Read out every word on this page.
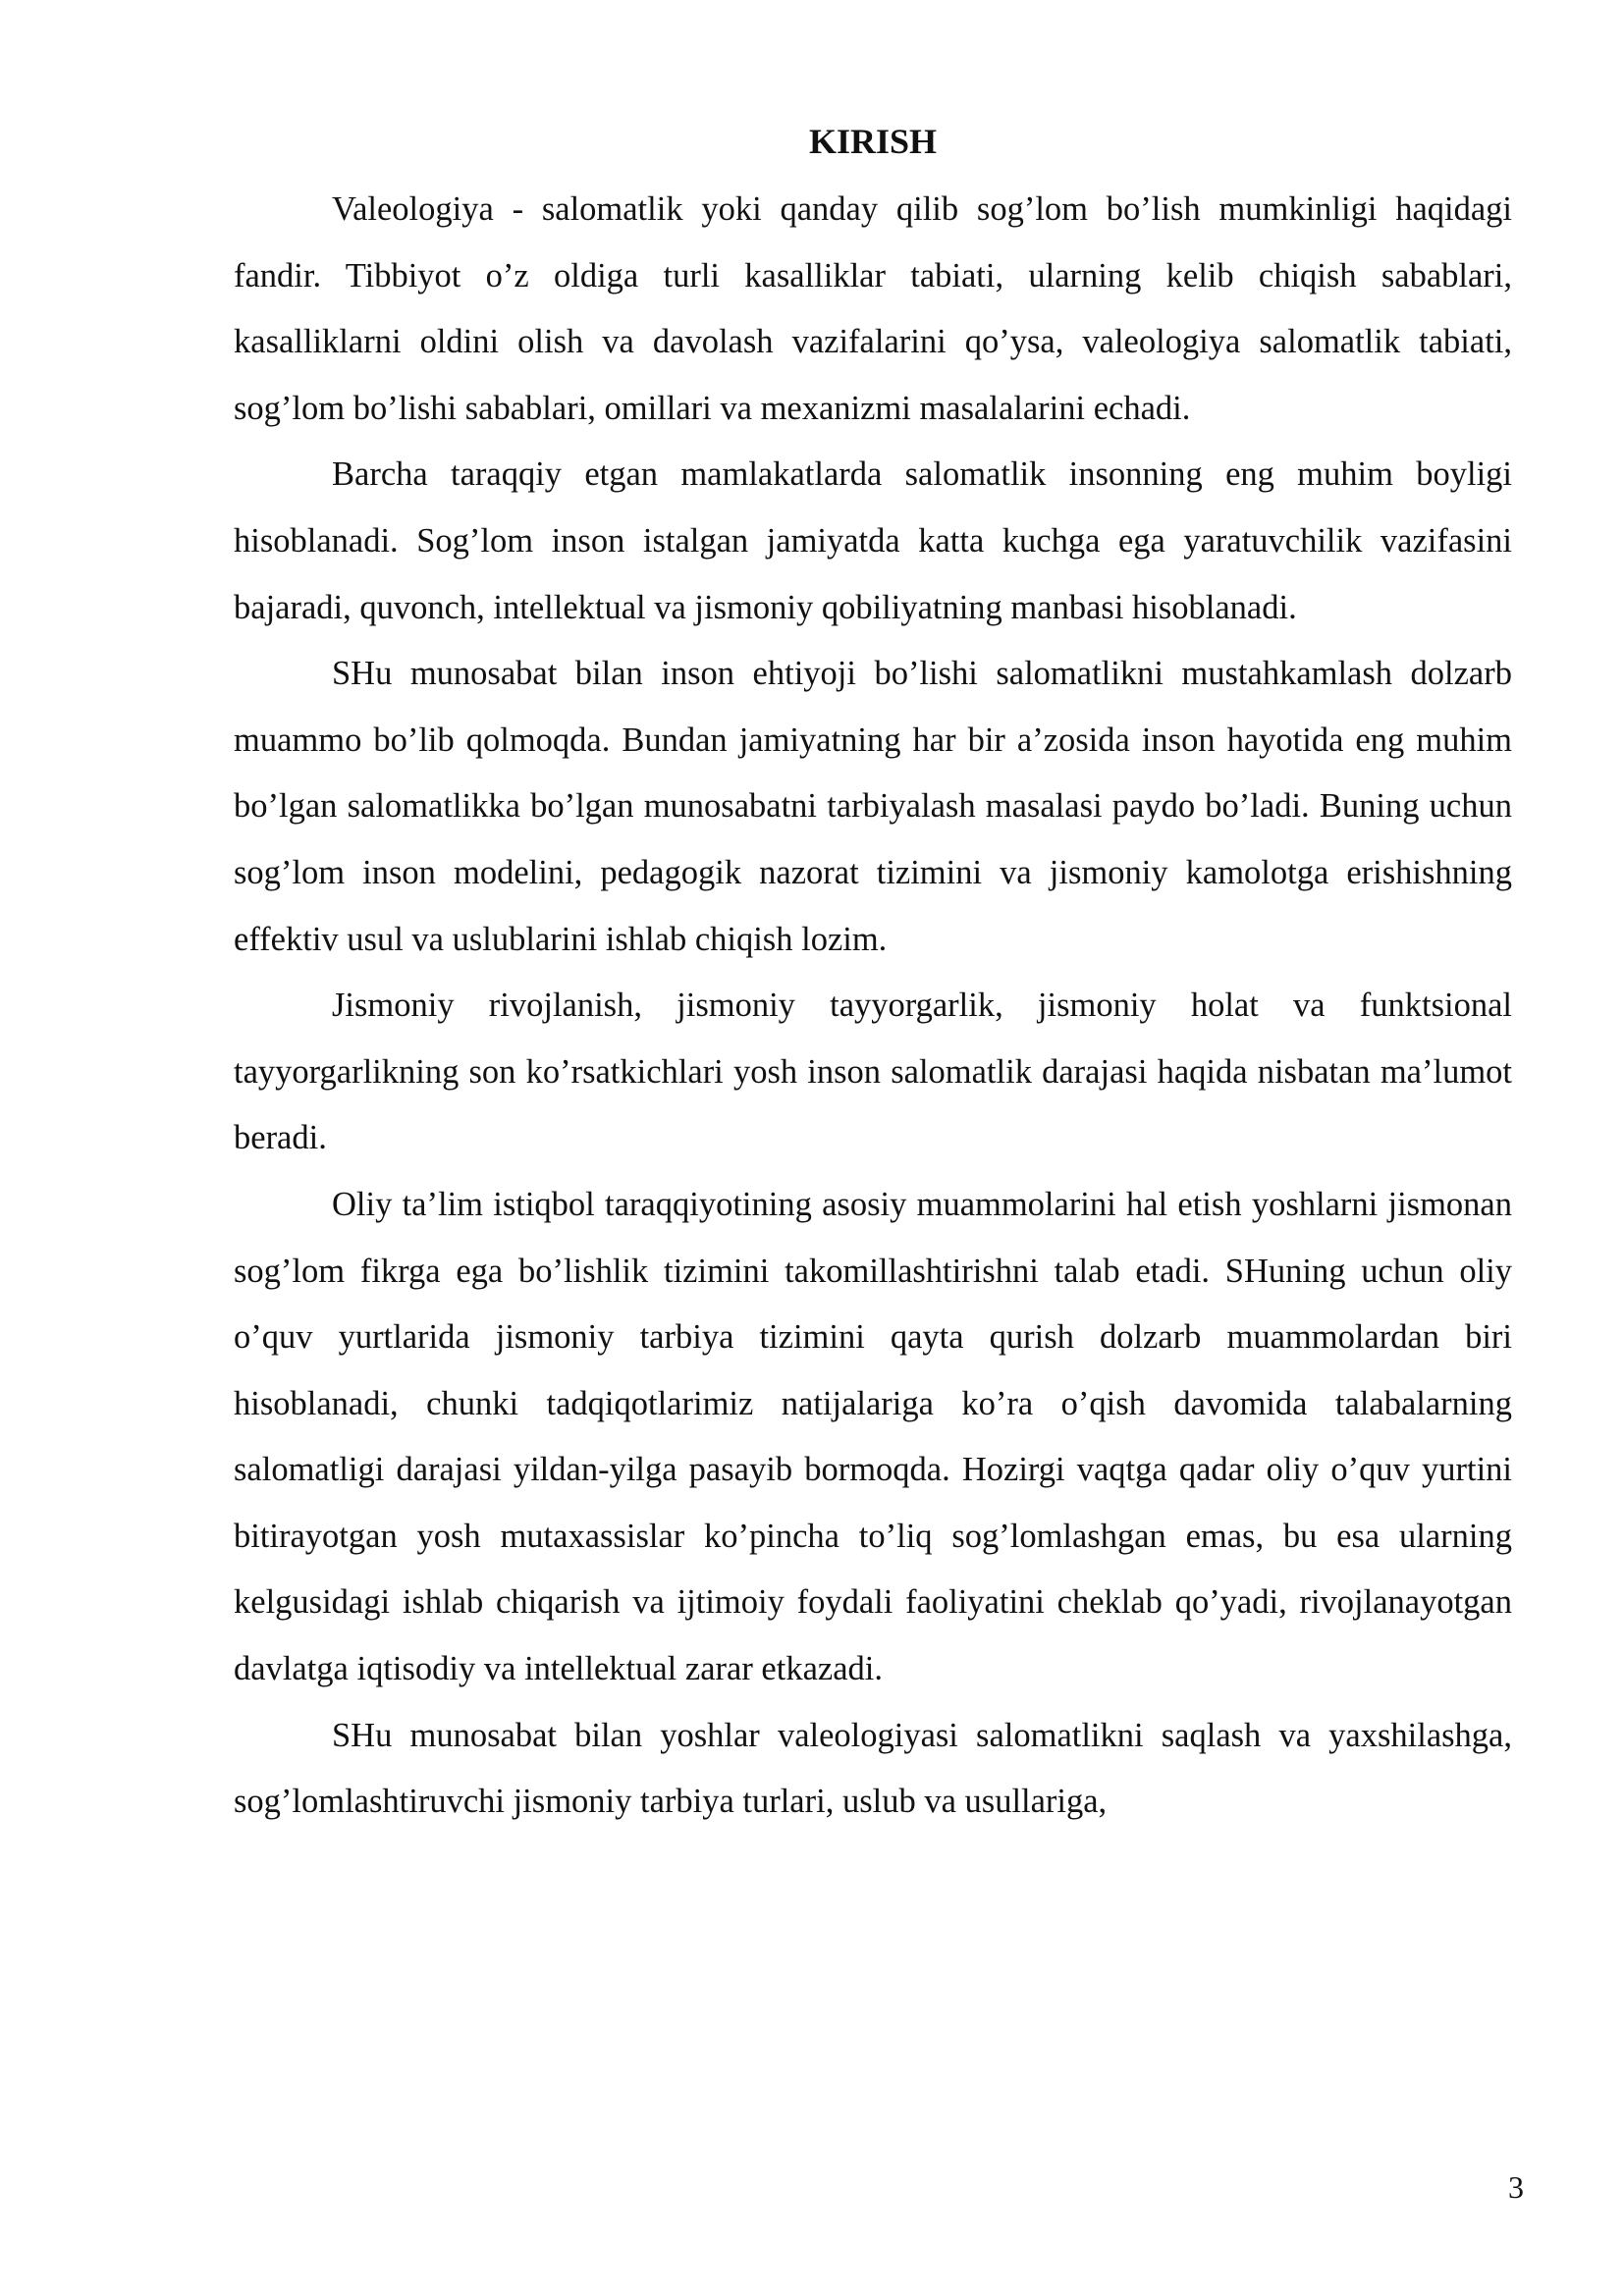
KIRISH

Valeologiya - salomatlik yoki qanday qilib sog’lom bo’lish mumkinligi haqidagi fandir. Tibbiyot o’z oldiga turli kasalliklar tabiati, ularning kelib chiqish sabablari, kasalliklarni oldini olish va davolash vazifalarini qo’ysa, valeologiya salomatlik tabiati, sog’lom bo’lishi sabablari, omillari va mexanizmi masalalarini echadi.

Barcha taraqqiy etgan mamlakatlarda salomatlik insonning eng muhim boyligi hisoblanadi. Sog’lom inson istalgan jamiyatda katta kuchga ega yaratuvchilik vazifasini bajaradi, quvonch, intellektual va jismoniy qobiliyatning manbasi hisoblanadi.

SHu munosabat bilan inson ehtiyoji bo’lishi salomatlikni mustahkamlash dolzarb muammo bo’lib qolmoqda. Bundan jamiyatning har bir a’zosida inson hayotida eng muhim bo’lgan salomatlikka bo’lgan munosabatni tarbiyalash masalasi paydo bo’ladi. Buning uchun sog’lom inson modelini, pedagogik nazorat tizimini va jismoniy kamolotga erishishning effektiv usul va uslublarini ishlab chiqish lozim.

Jismoniy rivojlanish, jismoniy tayyorgarlik, jismoniy holat va funktsional tayyorgarlikning son ko’rsatkichlari yosh inson salomatlik darajasi haqida nisbatan ma’lumot beradi.

Oliy ta’lim istiqbol taraqqiyotining asosiy muammolarini hal etish yoshlarni jismonan sog’lom fikrga ega bo’lishlik tizimini takomillashtirishni talab etadi. SHuning uchun oliy o’quv yurtlarida jismoniy tarbiya tizimini qayta qurish dolzarb muammolardan biri hisoblanadi, chunki tadqiqotlarimiz natijalariga ko’ra o’qish davomida talabalarning salomatligi darajasi yildan-yilga pasayib bormoqda. Hozirgi vaqtga qadar oliy o’quv yurtini bitirayotgan yosh mutaxassislar ko’pincha to’liq sog’lomlashgan emas, bu esa ularning kelgusidagi ishlab chiqarish va ijtimoiy foydali faoliyatini cheklab qo’yadi, rivojlanayotgan davlatga iqtisodiy va intellektual zarar etkazadi.

SHu munosabat bilan yoshlar valeologiyasi salomatlikni saqlash va yaxshilashga, sog’lomlashtiruvchi jismoniy tarbiya turlari, uslub va usullariga,

3
